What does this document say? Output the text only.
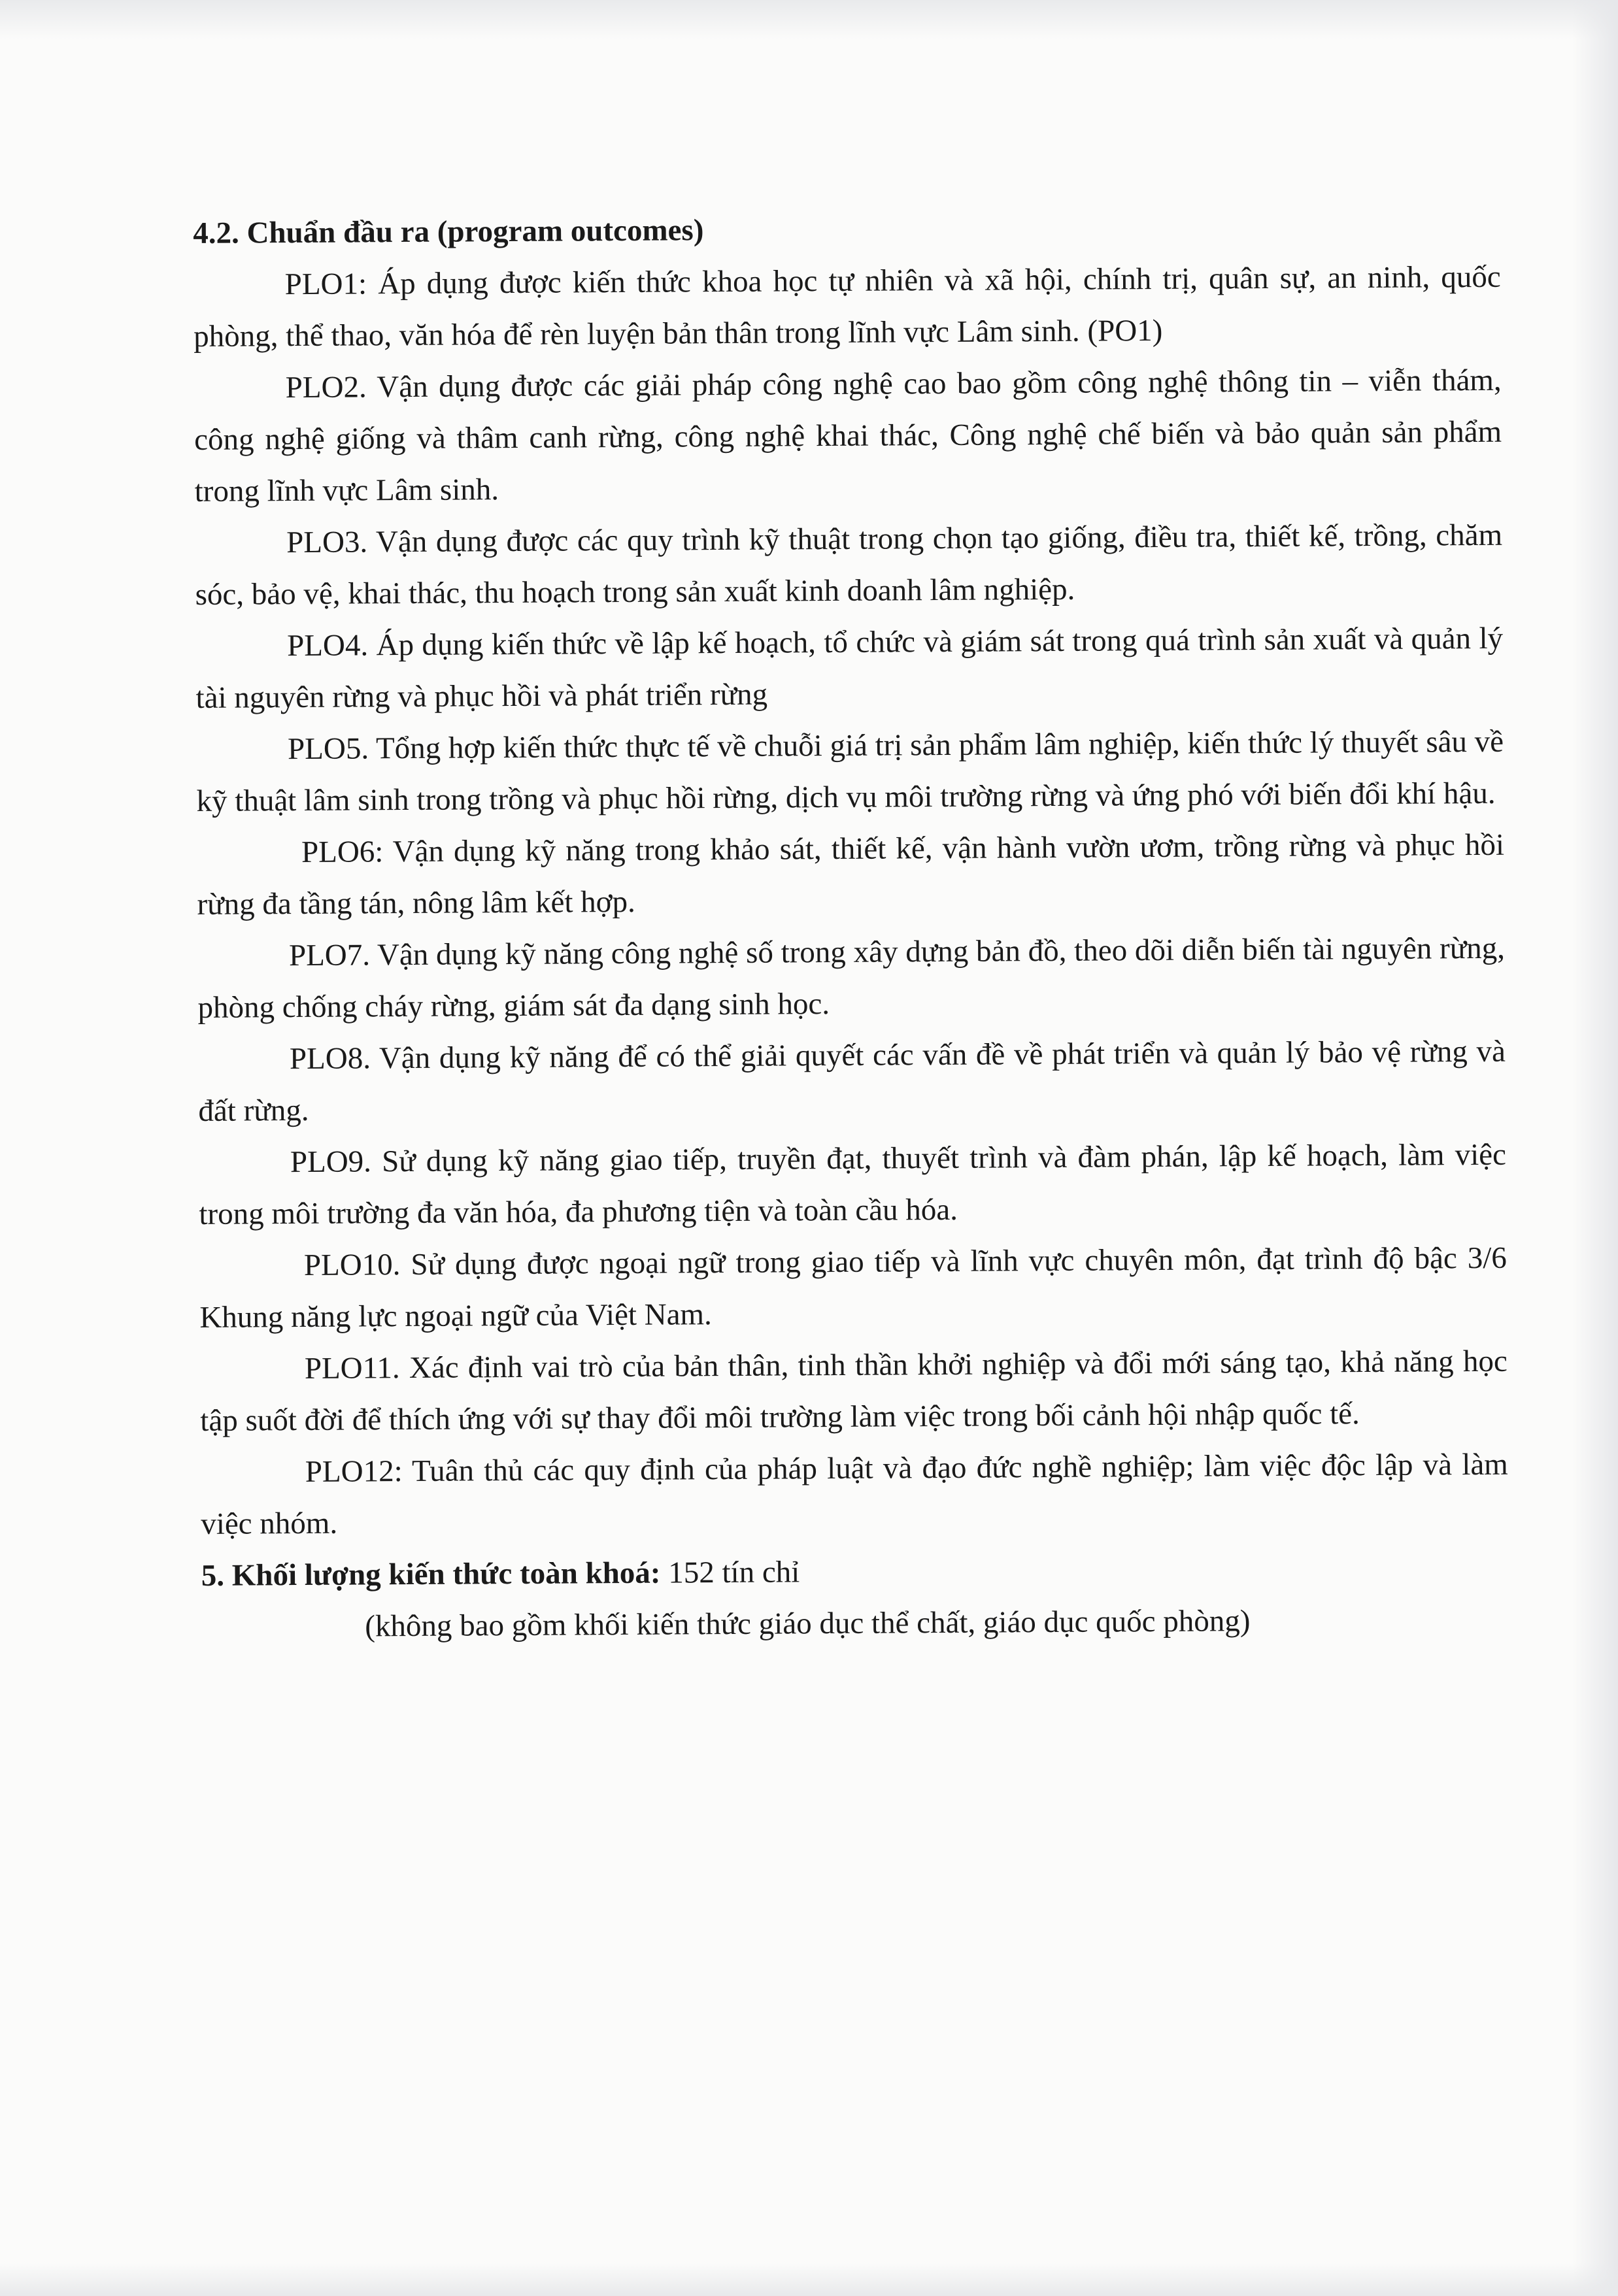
4.2. Chuẩn đầu ra (program outcomes)

PLO1: Áp dụng được kiến thức khoa học tự nhiên và xã hội, chính trị, quân sự, an ninh, quốc phòng, thể thao, văn hóa để rèn luyện bản thân trong lĩnh vực Lâm sinh. (PO1)

PLO2. Vận dụng được các giải pháp công nghệ cao bao gồm công nghệ thông tin – viễn thám, công nghệ giống và thâm canh rừng, công nghệ khai thác, Công nghệ chế biến và bảo quản sản phẩm trong lĩnh vực Lâm sinh.

PLO3. Vận dụng được các quy trình kỹ thuật trong chọn tạo giống, điều tra, thiết kế, trồng, chăm sóc, bảo vệ, khai thác, thu hoạch trong sản xuất kinh doanh lâm nghiệp.

PLO4. Áp dụng kiến thức về lập kế hoạch, tổ chức và giám sát trong quá trình sản xuất và quản lý tài nguyên rừng và phục hồi và phát triển rừng

PLO5. Tổng hợp kiến thức thực tế về chuỗi giá trị sản phẩm lâm nghiệp, kiến thức lý thuyết sâu về kỹ thuật lâm sinh trong trồng và phục hồi rừng, dịch vụ môi trường rừng và ứng phó với biến đổi khí hậu.

PLO6: Vận dụng kỹ năng trong khảo sát, thiết kế, vận hành vườn ươm, trồng rừng và phục hồi rừng đa tầng tán, nông lâm kết hợp.

PLO7. Vận dụng kỹ năng công nghệ số trong xây dựng bản đồ, theo dõi diễn biến tài nguyên rừng, phòng chống cháy rừng, giám sát đa dạng sinh học.

PLO8. Vận dụng kỹ năng để có thể giải quyết các vấn đề về phát triển và quản lý bảo vệ rừng và đất rừng.

PLO9. Sử dụng kỹ năng giao tiếp, truyền đạt, thuyết trình và đàm phán, lập kế hoạch, làm việc trong môi trường đa văn hóa, đa phương tiện và toàn cầu hóa.

PLO10. Sử dụng được ngoại ngữ trong giao tiếp và lĩnh vực chuyên môn, đạt trình độ bậc 3/6 Khung năng lực ngoại ngữ của Việt Nam.

PLO11. Xác định vai trò của bản thân, tinh thần khởi nghiệp và đổi mới sáng tạo, khả năng học tập suốt đời để thích ứng với sự thay đổi môi trường làm việc trong bối cảnh hội nhập quốc tế.

PLO12: Tuân thủ các quy định của pháp luật và đạo đức nghề nghiệp; làm việc độc lập và làm việc nhóm.

5. Khối lượng kiến thức toàn khoá: 152 tín chỉ

(không bao gồm khối kiến thức giáo dục thể chất, giáo dục quốc phòng)
